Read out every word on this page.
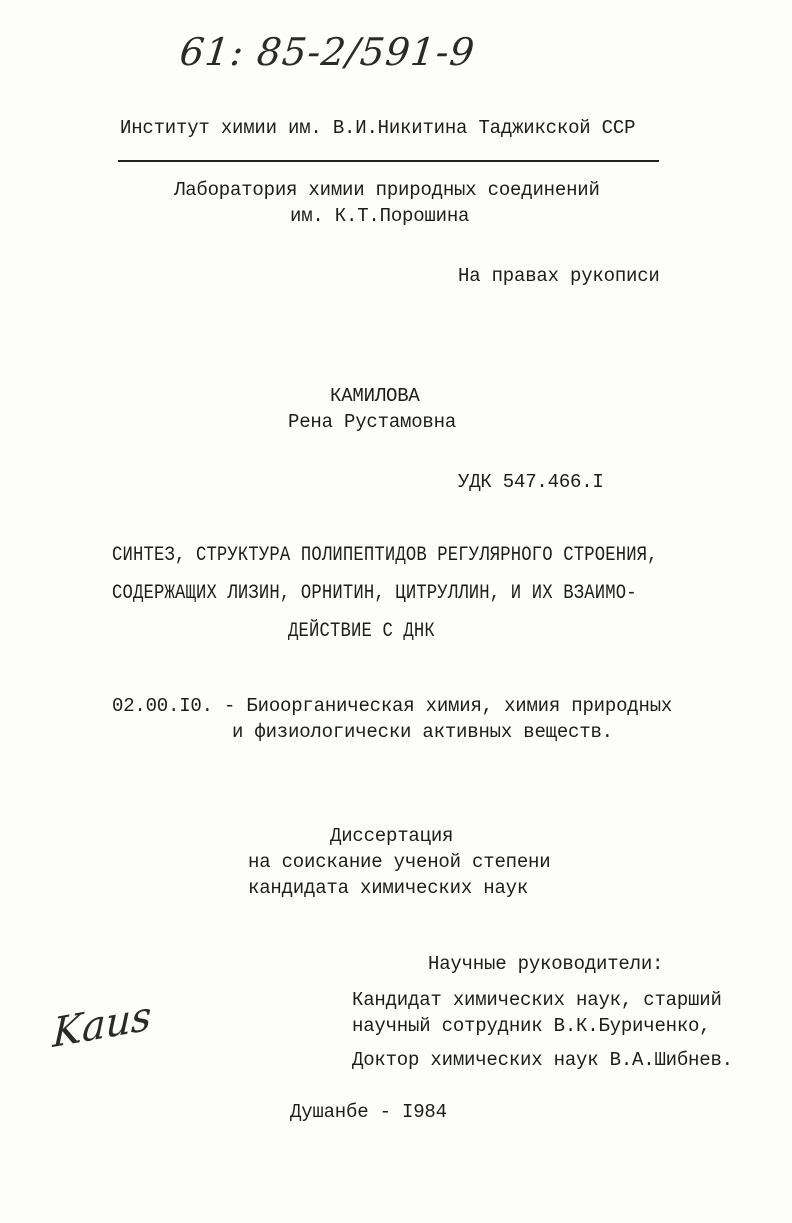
61: 85-2/591-9
Институт химии им. В.И.Никитина Таджикской ССР
Лаборатория химии природных соединений
им. К.Т.Порошина
На правах рукописи
КАМИЛОВА
Рена Рустамовна
УДК 547.466.I
СИНТЕЗ, СТРУКТУРА ПОЛИПЕПТИДОВ РЕГУЛЯРНОГО СТРОЕНИЯ,
СОДЕРЖАЩИХ ЛИЗИН, ОРНИТИН, ЦИТРУЛЛИН, И ИХ ВЗАИМО-
ДЕЙСТВИЕ С ДНК
02.00.I0. - Биоорганическая химия, химия природных
и физиологически активных веществ.
Диссертация
на соискание ученой степени
кандидата химических наук
Научные руководители:
Кандидат химических наук, старший
научный сотрудник В.К.Буриченко,
Доктор химических наук В.А.Шибнев.
Kaus
Душанбе - I984
